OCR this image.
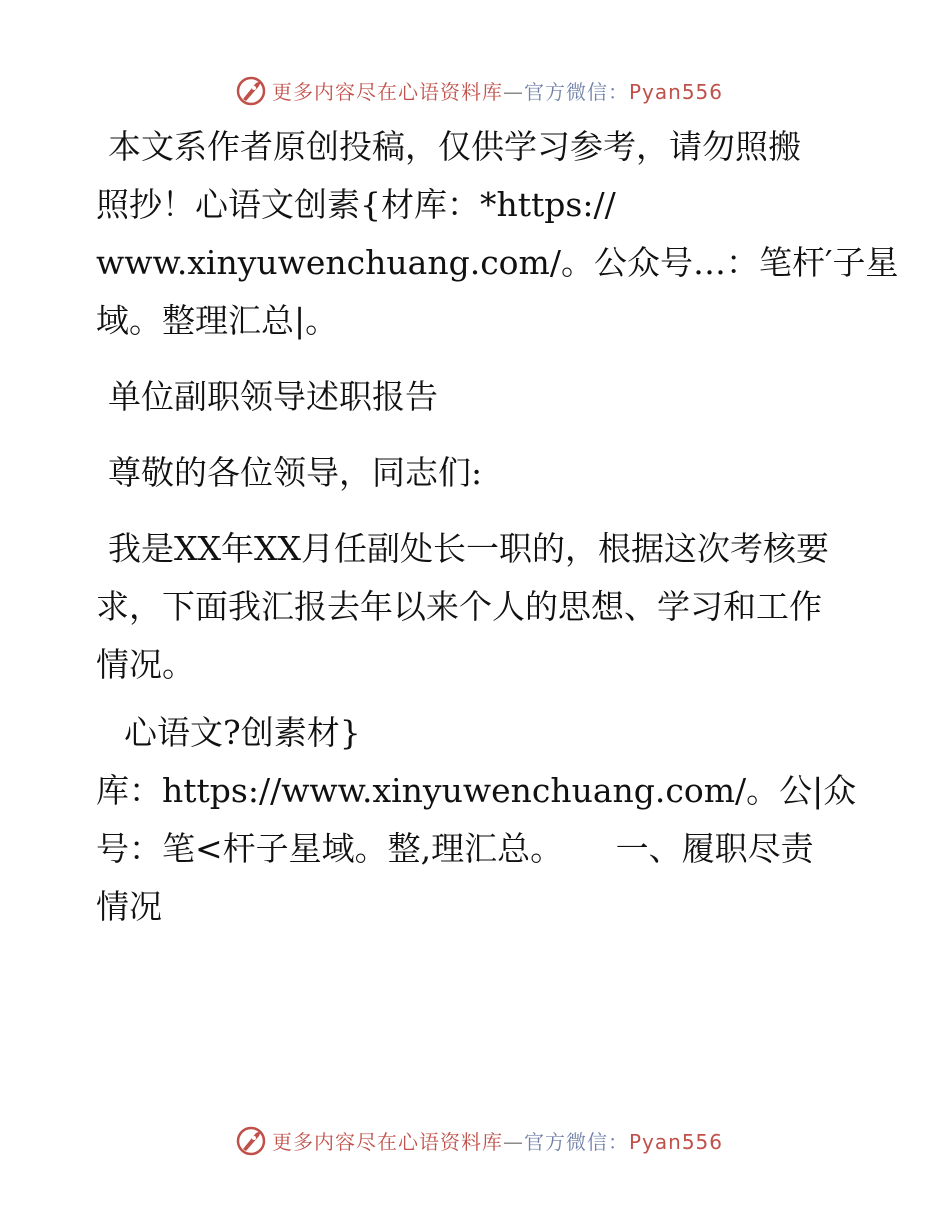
更多内容尽在心语资料库—官方微信：Pyan556
本文系作者原创投稿，仅供学习参考，请勿照搬
照抄！心语文创素{材库：*https://
www.xinyuwenchuang.com/。公众号…：笔杆′子星
域。整理汇总|。
单位副职领导述职报告
尊敬的各位领导，同志们:
我是XX年XX月任副处长一职的，根据这次考核要
求，下面我汇报去年以来个人的思想、学习和工作
情况。
心语文?创素材}
库：https://www.xinyuwenchuang.com/。公|众
号：笔<杆子星域。整,理汇总。     一、履职尽责
情况
更多内容尽在心语资料库—官方微信：Pyan556
